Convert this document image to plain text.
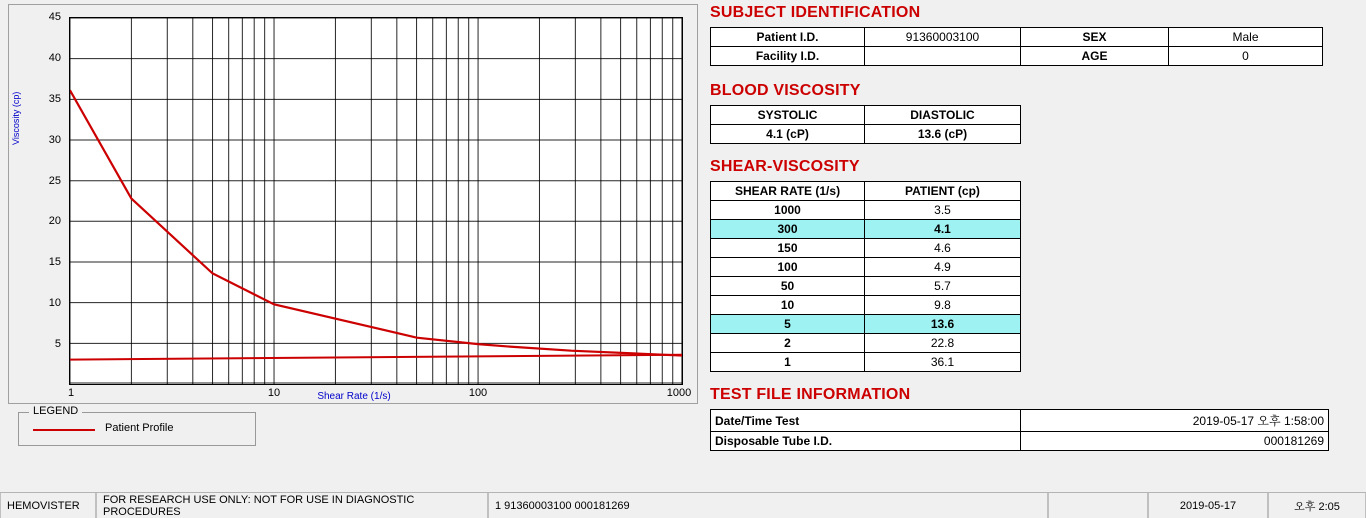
Viscosity (cp)
45
40
35
30
25
20
15
10
5
1	10	100	1000
Shear Rate (1/s)
LEGEND
Patient Profile
SUBJECT IDENTIFICATION
Patient I.D.	91360003100	SEX	Male
Facility I.D.		AGE	0
BLOOD VISCOSITY
SYSTOLIC	DIASTOLIC
4.1 (cP)	13.6 (cP)
SHEAR-VISCOSITY
SHEAR RATE (1/s)	PATIENT (cp)
1000	3.5
300	4.1
150	4.6
100	4.9
50	5.7
10	9.8
5	13.6
2	22.8
1	36.1
TEST FILE INFORMATION
Date/Time Test	2019-05-17 오후 1:58:00
Disposable Tube I.D.	000181269
HEMOVISTER	FOR RESEARCH USE ONLY: NOT FOR USE IN DIAGNOSTIC PROCEDURES	1 91360003100 000181269	2019-05-17	오후 2:05
